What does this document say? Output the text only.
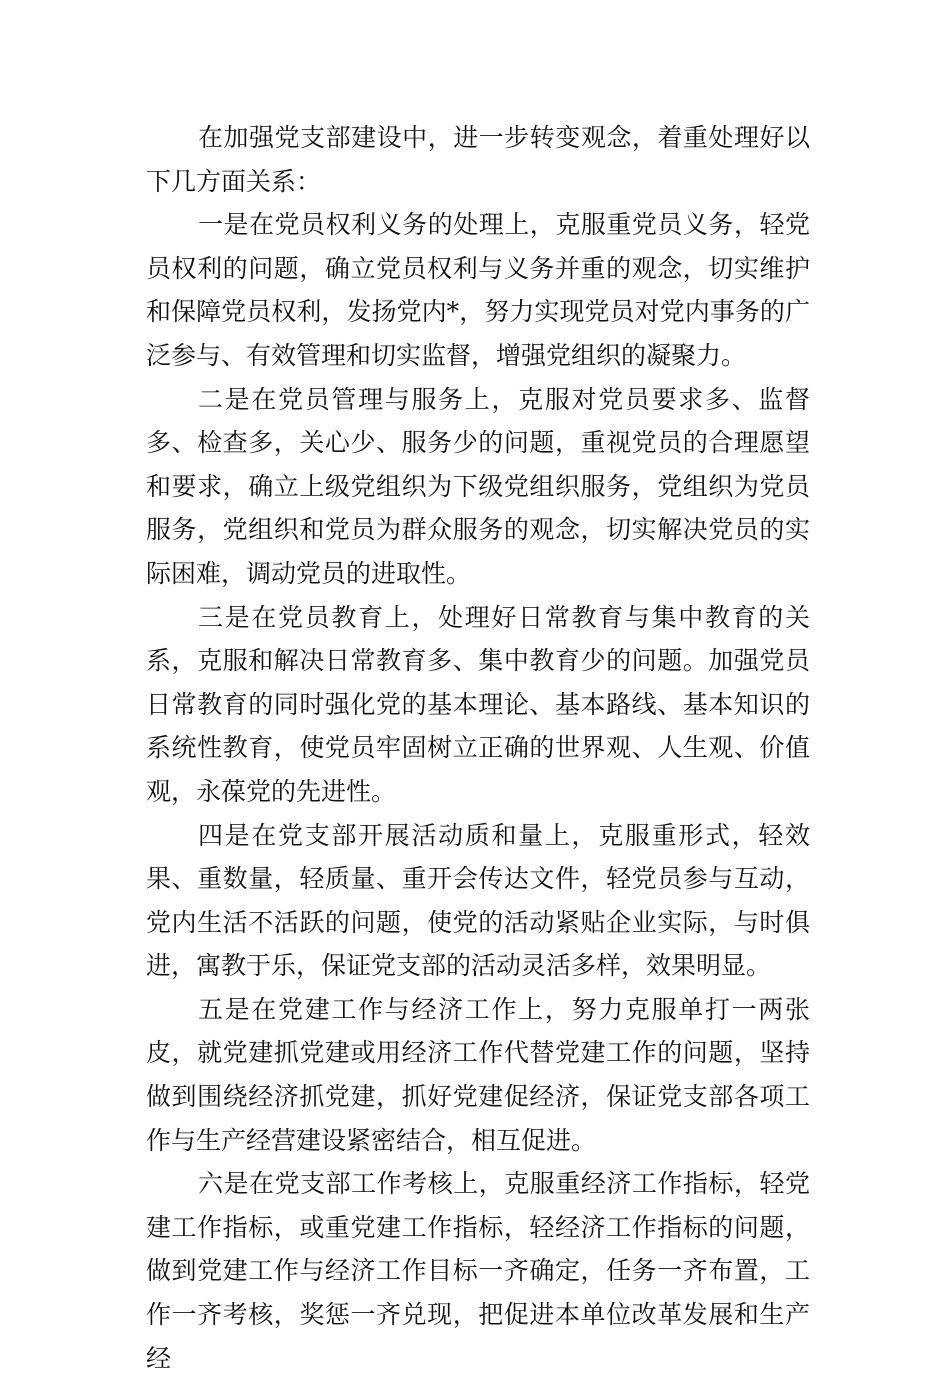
在加强党支部建设中，进一步转变观念，着重处理好以下几方面关系：

一是在党员权利义务的处理上，克服重党员义务，轻党员权利的问题，确立党员权利与义务并重的观念，切实维护和保障党员权利，发扬党内*，努力实现党员对党内事务的广泛参与、有效管理和切实监督，增强党组织的凝聚力。

二是在党员管理与服务上，克服对党员要求多、监督多、检查多，关心少、服务少的问题，重视党员的合理愿望和要求，确立上级党组织为下级党组织服务，党组织为党员服务，党组织和党员为群众服务的观念，切实解决党员的实际困难，调动党员的进取性。

三是在党员教育上，处理好日常教育与集中教育的关系，克服和解决日常教育多、集中教育少的问题。加强党员日常教育的同时强化党的基本理论、基本路线、基本知识的系统性教育，使党员牢固树立正确的世界观、人生观、价值观，永葆党的先进性。

四是在党支部开展活动质和量上，克服重形式，轻效果、重数量，轻质量、重开会传达文件，轻党员参与互动，党内生活不活跃的问题，使党的活动紧贴企业实际，与时俱进，寓教于乐，保证党支部的活动灵活多样，效果明显。

五是在党建工作与经济工作上，努力克服单打一两张皮，就党建抓党建或用经济工作代替党建工作的问题，坚持做到围绕经济抓党建，抓好党建促经济，保证党支部各项工作与生产经营建设紧密结合，相互促进。

六是在党支部工作考核上，克服重经济工作指标，轻党建工作指标，或重党建工作指标，轻经济工作指标的问题，做到党建工作与经济工作目标一齐确定，任务一齐布置，工作一齐考核，奖惩一齐兑现，把促进本单位改革发展和生产经
